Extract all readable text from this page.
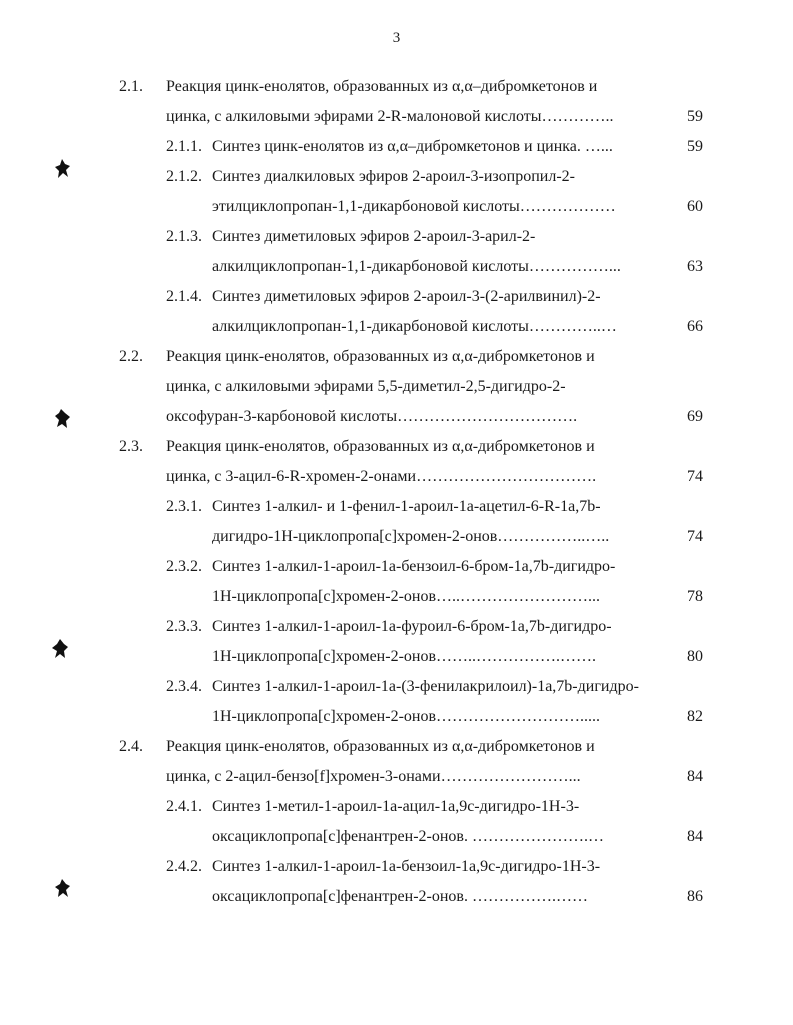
3
2.1. Реакция цинк-енолятов, образованных из α,α–дибромкетонов и
цинка, с алкиловыми эфирами 2-R-малоновой кислоты…………..	59
2.1.1. Синтез цинк-енолятов из α,α–дибромкетонов и цинка. …...	59
2.1.2. Синтез диалкиловых эфиров 2-ароил-3-изопропил-2-
этилциклопропан-1,1-дикарбоновой кислоты………………	60
2.1.3. Синтез диметиловых эфиров 2-ароил-3-арил-2-
алкилциклопропан-1,1-дикарбоновой кислоты……………...	63
2.1.4. Синтез диметиловых эфиров 2-ароил-3-(2-арилвинил)-2-
алкилциклопропан-1,1-дикарбоновой кислоты…………..…	66
2.2. Реакция цинк-енолятов, образованных из α,α-дибромкетонов и
цинка, с алкиловыми эфирами 5,5-диметил-2,5-дигидро-2-
оксофуран-3-карбоновой кислоты…………………………….	69
2.3. Реакция цинк-енолятов, образованных из α,α-дибромкетонов и
цинка, с 3-ацил-6-R-хромен-2-онами…………………………….	74
2.3.1. Синтез 1-алкил- и 1-фенил-1-ароил-1а-ацетил-6-R-1а,7b-
дигидро-1Н-циклопропа[с]хромен-2-онов……………..…..	74
2.3.2. Синтез 1-алкил-1-ароил-1а-бензоил-6-бром-1а,7b-дигидро-
1Н-циклопропа[с]хромен-2-онов…..……………………...	78
2.3.3. Синтез 1-алкил-1-ароил-1а-фуроил-6-бром-1а,7b-дигидро-
1Н-циклопропа[с]хромен-2-онов……..…………….…….	80
2.3.4. Синтез 1-алкил-1-ароил-1а-(3-фенилакрилоил)-1а,7b-дигидро-
1Н-циклопропа[с]хромен-2-онов……………………….....	82
2.4. Реакция цинк-енолятов, образованных из α,α-дибромкетонов и
цинка, с 2-ацил-бензо[f]хромен-3-онами……………………...	84
2.4.1. Синтез 1-метил-1-ароил-1а-ацил-1а,9с-дигидро-1Н-3-
оксациклопропа[с]фенантрен-2-онов. ………………….…	84
2.4.2. Синтез 1-алкил-1-ароил-1а-бензоил-1а,9с-дигидро-1Н-3-
оксациклопропа[с]фенантрен-2-онов. …………….……	86
